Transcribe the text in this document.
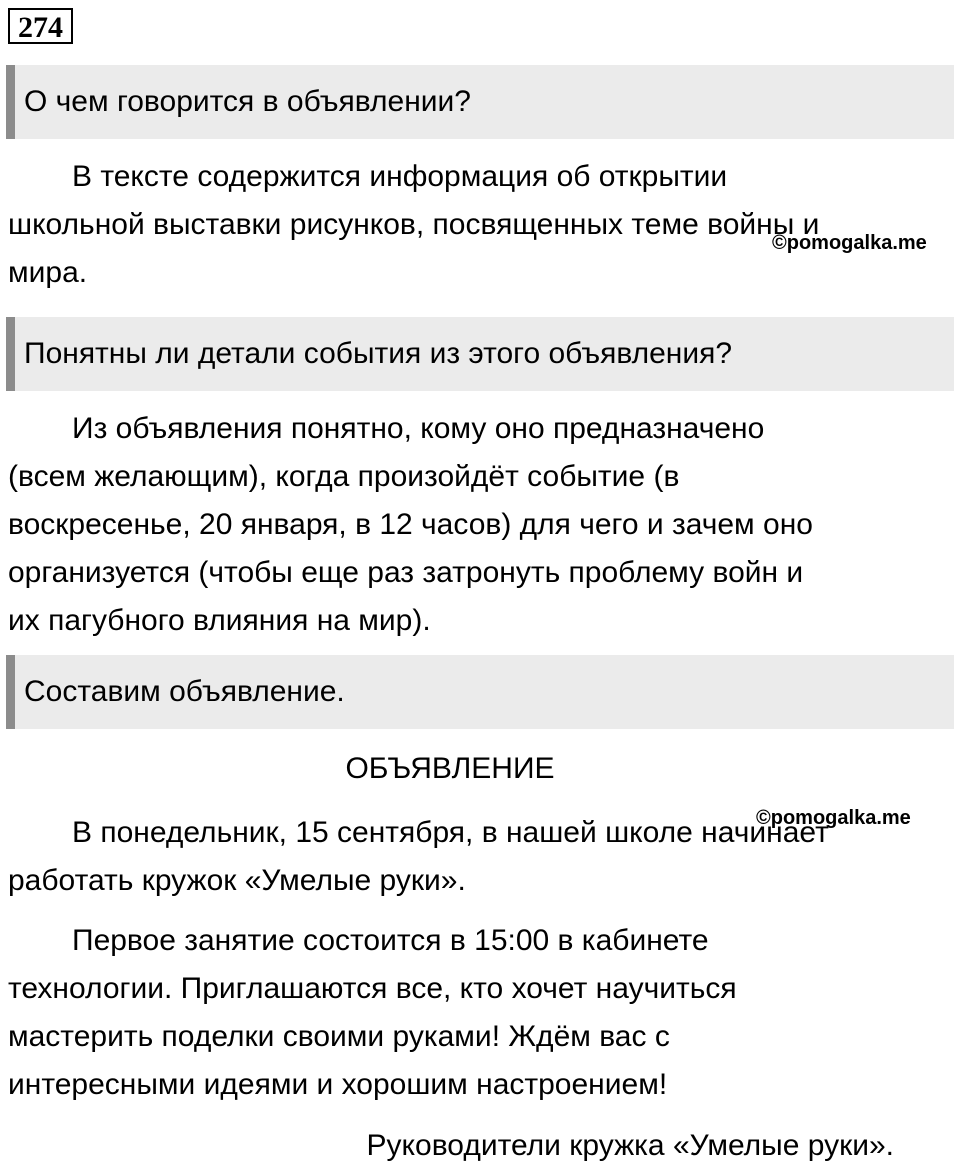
274
О чем говорится в объявлении?

В тексте содержится информация об открытии
школьной выставки рисунков, посвященных теме войны и
мира.

©pomogalka.me
Понятны ли детали события из этого объявления?

Из объявления понятно, кому оно предназначено
(всем желающим), когда произойдёт событие (в
воскресенье, 20 января, в 12 часов) для чего и зачем оно
организуется (чтобы еще раз затронуть проблему войн и
их пагубного влияния на мир).

Составим объявление.
ОБЪЯВЛЕНИЕ
©pomogalka.me

В понедельник, 15 сентября, в нашей школе начинает
работать кружок «Умелые руки».

Первое занятие состоится в 15:00 в кабинете
технологии. Приглашаются все, кто хочет научиться
мастерить поделки своими руками! Ждём вас с
интересными идеями и хорошим настроением!

Руководители кружка «Умелые руки».
